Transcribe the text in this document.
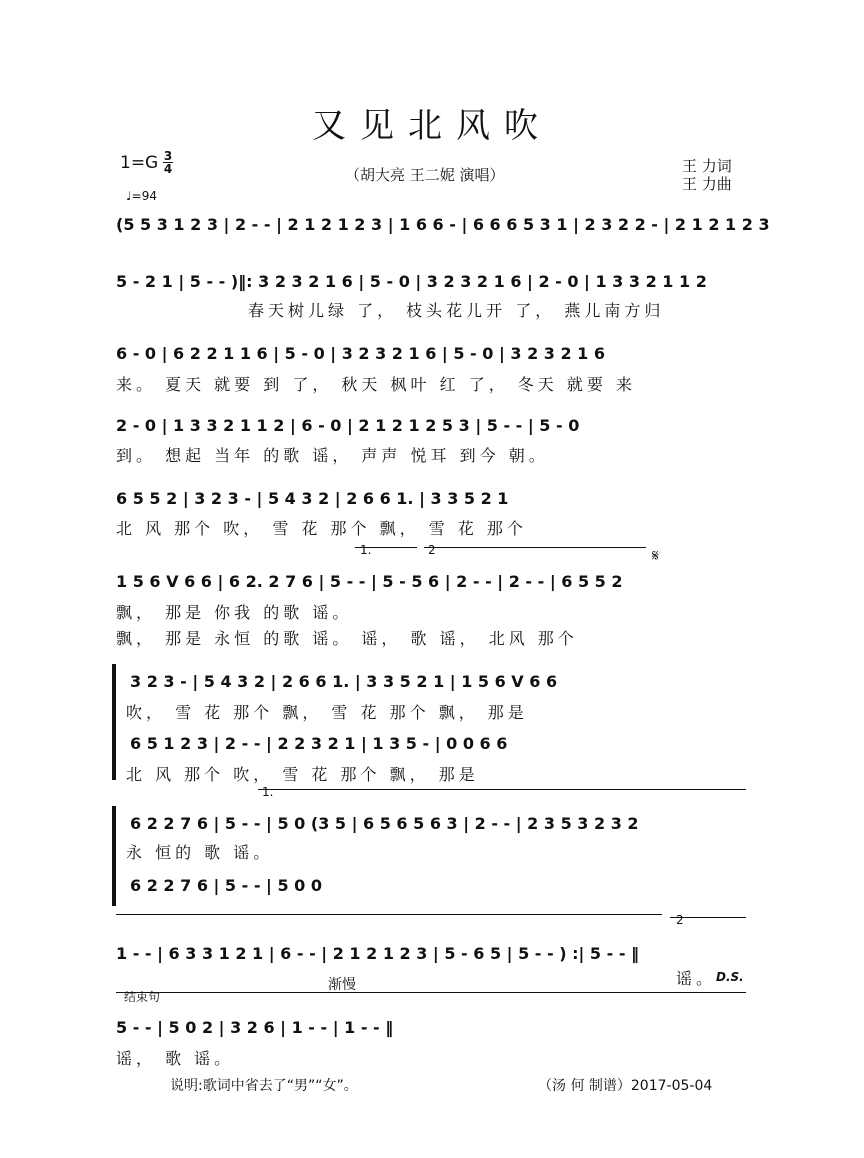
又见北风吹
1=G 3
4
♩=94
（胡大亮 王二妮 演唱）	王 力词
王 力曲
(5 5 3 1 2 3 | 2 - - | 2 1 2 1 2 3 | 1 6 6 - | 6 6 6 5 3 1 | 2 3 2 2 - | 2 1 2 1 2 3
5 - 2 1 | 5 - - )‖: 3 2 3 2 1 6 | 5 - 0 | 3 2 3 2 1 6 | 2 - 0 | 1 3 3 2 1 1 2
春天树儿绿 了， 枝头花儿开 了， 燕儿南方归
6 - 0 | 6 2 2 1 1 6 | 5 - 0 | 3 2 3 2 1 6 | 5 - 0 | 3 2 3 2 1 6
来。 夏天 就要 到 了， 秋天 枫叶 红 了， 冬天 就要 来
2 - 0 | 1 3 3 2 1 1 2 | 6 - 0 | 2 1 2 1 2 5 3 | 5 - - | 5 - 0
到。 想起 当年 的歌 谣， 声声 悦耳 到今 朝。
6 5 5 2 | 3 2 3 - | 5 4 3 2 | 2 6 6 1. | 3 3 5 2 1
北 风 那个 吹， 雪 花 那个 飘， 雪 花 那个
1.	2	𝄋
1 5 6 V 6 6 | 6 2. 2 7 6 | 5 - - | 5 - 5 6 | 2 - - | 2 - - | 6 5 5 2
飘， 那是 你我 的歌 谣。
飘， 那是 永恒 的歌 谣。 谣， 歌 谣， 北风 那个
3 2 3 - | 5 4 3 2 | 2 6 6 1. | 3 3 5 2 1 | 1 5 6 V 6 6
吹， 雪 花 那个 飘， 雪 花 那个 飘， 那是
6 5 1 2 3 | 2 - - | 2 2 3 2 1 | 1 3 5 - | 0 0 6 6
北 风 那个 吹， 雪 花 那个 飘， 那是
1.
6 2 2 7 6 | 5 - - | 5 0 (3 5 | 6 5 6 5 6 3 | 2 - - | 2 3 5 3 2 3 2
永 恒的 歌 谣。
6 2 2 7 6 | 5 - - | 5 0 0
2
1 - - | 6 3 3 1 2 1 | 6 - - | 2 1 2 1 2 3 | 5 - 6 5 | 5 - - ) :| 5 - - ‖
谣。
渐慢	D.S.
结束句
5 - - | 5 0 2 | 3 2 6 | 1 - - | 1 - - ‖
谣， 歌 谣。
说明:歌词中省去了“男”“女”。	（汤 何 制谱）2017-05-04
